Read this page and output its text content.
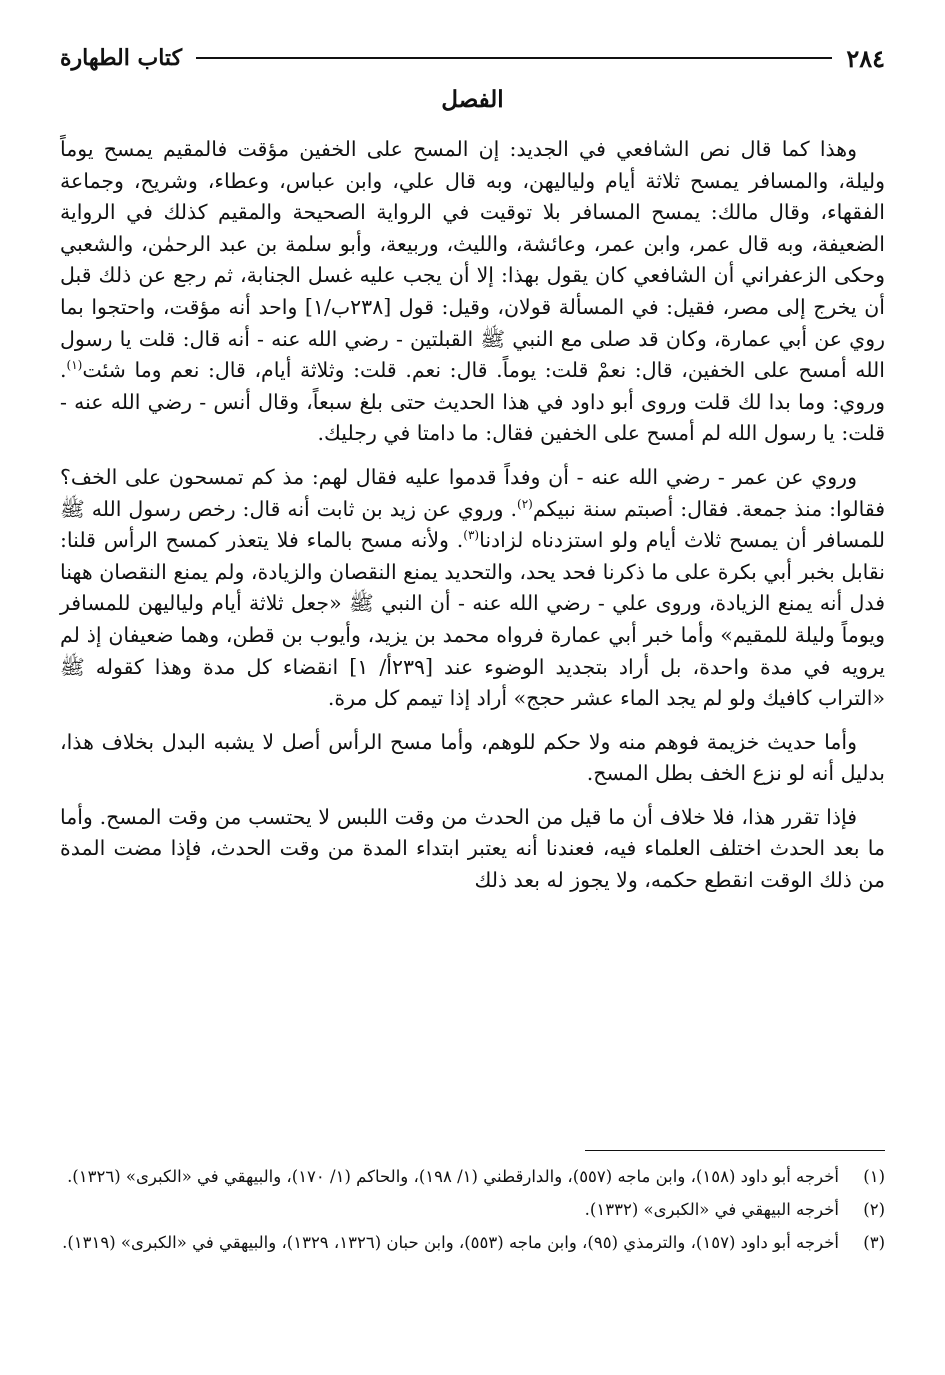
٢٨٤
كتاب الطهارة
الفصل

وهذا كما قال نص الشافعي في الجديد: إن المسح على الخفين مؤقت فالمقيم يمسح يوماً وليلة، والمسافر يمسح ثلاثة أيام ولياليهن، وبه قال علي، وابن عباس، وعطاء، وشريح، وجماعة الفقهاء، وقال مالك: يمسح المسافر بلا توقيت في الرواية الصحيحة والمقيم كذلك في الرواية الضعيفة، وبه قال عمر، وابن عمر، وعائشة، والليث، وربيعة، وأبو سلمة بن عبد الرحمٰن، والشعبي وحكى الزعفراني أن الشافعي كان يقول بهذا: إلا أن يجب عليه غسل الجنابة، ثم رجع عن ذلك قبل أن يخرج إلى مصر، فقيل: في المسألة قولان، وقيل: قول [٢٣٨ب/١] واحد أنه مؤقت، واحتجوا بما روي عن أبي عمارة، وكان قد صلى مع النبي ﷺ القبلتين - رضي الله عنه - أنه قال: قلت يا رسول الله أمسح على الخفين، قال: نعمْ قلت: يوماً. قال: نعم. قلت: وثلاثة أيام، قال: نعم وما شئت$^{(١)}$. وروي: وما بدا لك قلت وروى أبو داود في هذا الحديث حتى بلغ سبعاً، وقال أنس - رضي الله عنه - قلت: يا رسول الله لم أمسح على الخفين فقال: ما دامتا في رجليك.

وروي عن عمر - رضي الله عنه - أن وفداً قدموا عليه فقال لهم: مذ كم تمسحون على الخف؟ فقالوا: منذ جمعة. فقال: أصبتم سنة نبيكم$^{(٢)}$. وروي عن زيد بن ثابت أنه قال: رخص رسول الله ﷺ للمسافر أن يمسح ثلاث أيام ولو استزدناه لزادنا$^{(٣)}$. ولأنه مسح بالماء فلا يتعذر كمسح الرأس قلنا: نقابل بخبر أبي بكرة على ما ذكرنا فحد يحد، والتحديد يمنع النقصان والزيادة، ولم يمنع النقصان ههنا فدل أنه يمنع الزيادة، وروى علي - رضي الله عنه - أن النبي ﷺ «جعل ثلاثة أيام ولياليهن للمسافر ويوماً وليلة للمقيم» وأما خبر أبي عمارة فرواه محمد بن يزيد، وأيوب بن قطن، وهما ضعيفان إذ لم يرويه في مدة واحدة، بل أراد بتجديد الوضوء عند [٢٣٩أ/ ١] انقضاء كل مدة وهذا كقوله ﷺ «التراب كافيك ولو لم يجد الماء عشر حجج» أراد إذا تيمم كل مرة.

وأما حديث خزيمة فوهم منه ولا حكم للوهم، وأما مسح الرأس أصل لا يشبه البدل بخلاف هذا، بدليل أنه لو نزع الخف بطل المسح.

فإذا تقرر هذا، فلا خلاف أن ما قيل من الحدث من وقت اللبس لا يحتسب من وقت المسح. وأما ما بعد الحدث اختلف العلماء فيه، فعندنا أنه يعتبر ابتداء المدة من وقت الحدث، فإذا مضت المدة من ذلك الوقت انقطع حكمه، ولا يجوز له بعد ذلك

(١)
أخرجه أبو داود (١٥٨)، وابن ماجه (٥٥٧)، والدارقطني (١/ ١٩٨)، والحاكم (١/ ١٧٠)، والبيهقي في «الكبرى» (١٣٢٦).
(٢)
أخرجه البيهقي في «الكبرى» (١٣٣٢).
(٣)
أخرجه أبو داود (١٥٧)، والترمذي (٩٥)، وابن ماجه (٥٥٣)، وابن حبان (١٣٢٦، ١٣٢٩)، والبيهقي في «الكبرى» (١٣١٩).
